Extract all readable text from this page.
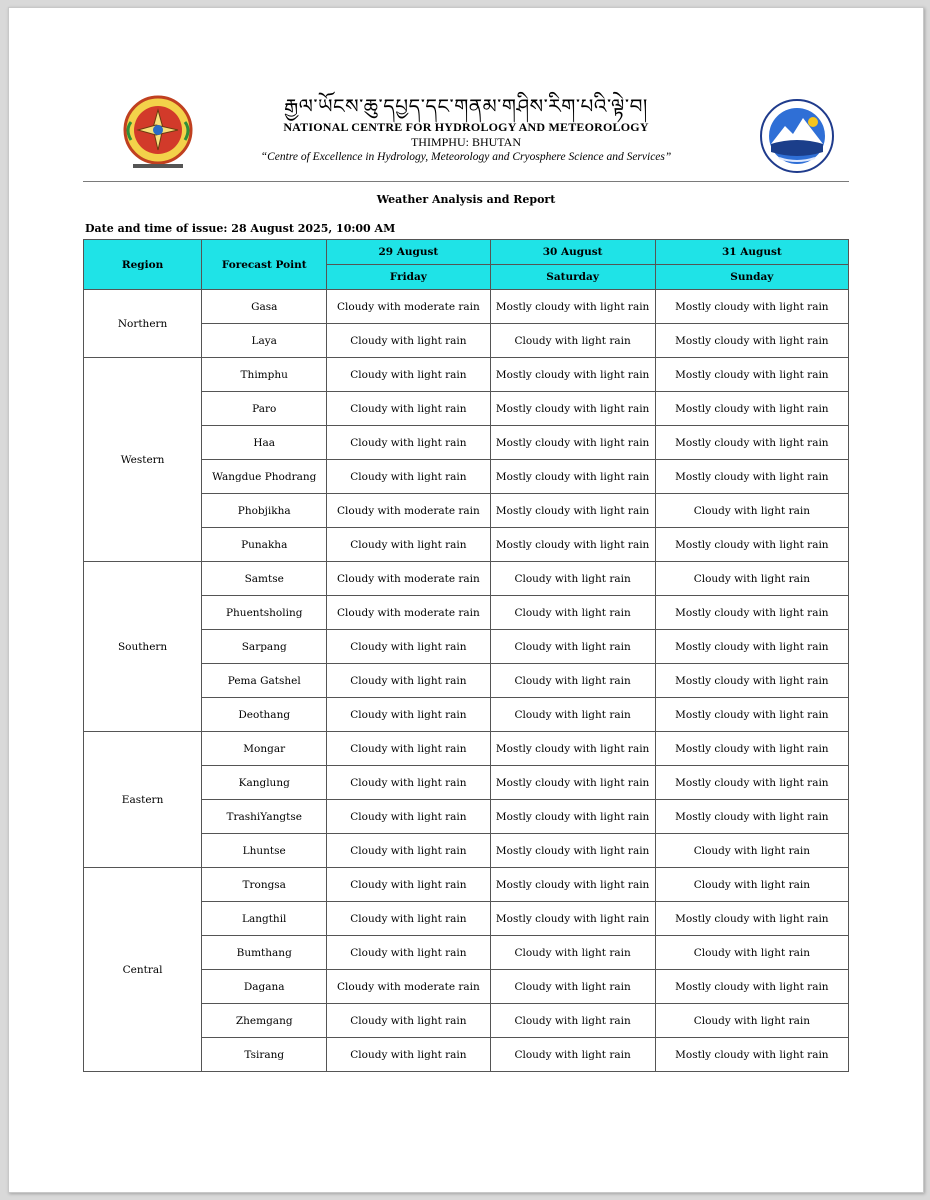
རྒྱལ་ཡོངས་ཆུ་དཔྱད་དང་གནམ་གཤིས་རིག་པའི་ལྟེ་བ།
NATIONAL CENTRE FOR HYDROLOGY AND METEOROLOGY
THIMPHU: BHUTAN
“Centre of Excellence in Hydrology, Meteorology and Cryosphere Science and Services”
Weather Analysis and Report
Date and time of issue: 28 August 2025, 10:00 AM
Region	Forecast Point	29 August	30 August	31 August
		Friday	Saturday	Sunday
Northern	Gasa	Cloudy with moderate rain	Mostly cloudy with light rain	Mostly cloudy with light rain
	Laya	Cloudy with light rain	Cloudy with light rain	Mostly cloudy with light rain
Western	Thimphu	Cloudy with light rain	Mostly cloudy with light rain	Mostly cloudy with light rain
	Paro	Cloudy with light rain	Mostly cloudy with light rain	Mostly cloudy with light rain
	Haa	Cloudy with light rain	Mostly cloudy with light rain	Mostly cloudy with light rain
	Wangdue Phodrang	Cloudy with light rain	Mostly cloudy with light rain	Mostly cloudy with light rain
	Phobjikha	Cloudy with moderate rain	Mostly cloudy with light rain	Cloudy with light rain
	Punakha	Cloudy with light rain	Mostly cloudy with light rain	Mostly cloudy with light rain
Southern	Samtse	Cloudy with moderate rain	Cloudy with light rain	Cloudy with light rain
	Phuentsholing	Cloudy with moderate rain	Cloudy with light rain	Mostly cloudy with light rain
	Sarpang	Cloudy with light rain	Cloudy with light rain	Mostly cloudy with light rain
	Pema Gatshel	Cloudy with light rain	Cloudy with light rain	Mostly cloudy with light rain
	Deothang	Cloudy with light rain	Cloudy with light rain	Mostly cloudy with light rain
Eastern	Mongar	Cloudy with light rain	Mostly cloudy with light rain	Mostly cloudy with light rain
	Kanglung	Cloudy with light rain	Mostly cloudy with light rain	Mostly cloudy with light rain
	TrashiYangtse	Cloudy with light rain	Mostly cloudy with light rain	Mostly cloudy with light rain
	Lhuntse	Cloudy with light rain	Mostly cloudy with light rain	Cloudy with light rain
Central	Trongsa	Cloudy with light rain	Mostly cloudy with light rain	Cloudy with light rain
	Langthil	Cloudy with light rain	Mostly cloudy with light rain	Mostly cloudy with light rain
	Bumthang	Cloudy with light rain	Cloudy with light rain	Cloudy with light rain
	Dagana	Cloudy with moderate rain	Cloudy with light rain	Mostly cloudy with light rain
	Zhemgang	Cloudy with light rain	Cloudy with light rain	Cloudy with light rain
	Tsirang	Cloudy with light rain	Cloudy with light rain	Mostly cloudy with light rain
